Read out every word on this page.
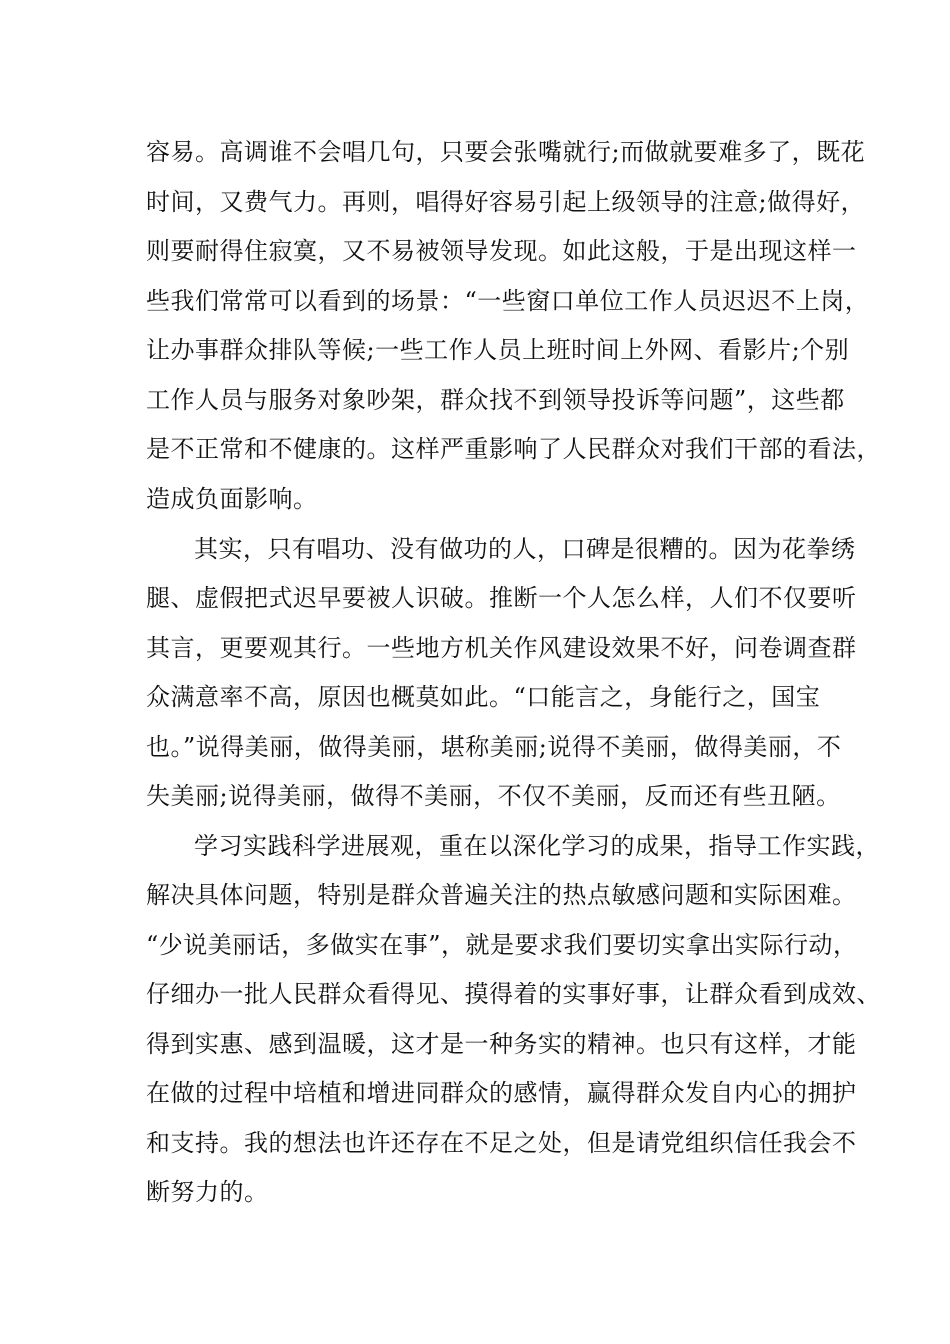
容易。高调谁不会唱几句，只要会张嘴就行;而做就要难多了，既花
时间，又费气力。再则，唱得好容易引起上级领导的注意;做得好，
则要耐得住寂寞，又不易被领导发现。如此这般，于是出现这样一
些我们常常可以看到的场景：“一些窗口单位工作人员迟迟不上岗，
让办事群众排队等候;一些工作人员上班时间上外网、看影片;个别
工作人员与服务对象吵架，群众找不到领导投诉等问题”，这些都
是不正常和不健康的。这样严重影响了人民群众对我们干部的看法，
造成负面影响。
其实，只有唱功、没有做功的人，口碑是很糟的。因为花拳绣
腿、虚假把式迟早要被人识破。推断一个人怎么样，人们不仅要听
其言，更要观其行。一些地方机关作风建设效果不好，问卷调查群
众满意率不高，原因也概莫如此。“口能言之，身能行之，国宝
也。”说得美丽，做得美丽，堪称美丽;说得不美丽，做得美丽，不
失美丽;说得美丽，做得不美丽，不仅不美丽，反而还有些丑陋。
学习实践科学进展观，重在以深化学习的成果，指导工作实践，
解决具体问题，特别是群众普遍关注的热点敏感问题和实际困难。
“少说美丽话，多做实在事”，就是要求我们要切实拿出实际行动，
仔细办一批人民群众看得见、摸得着的实事好事，让群众看到成效、
得到实惠、感到温暖，这才是一种务实的精神。也只有这样，才能
在做的过程中培植和增进同群众的感情，赢得群众发自内心的拥护
和支持。我的想法也许还存在不足之处，但是请党组织信任我会不
断努力的。
